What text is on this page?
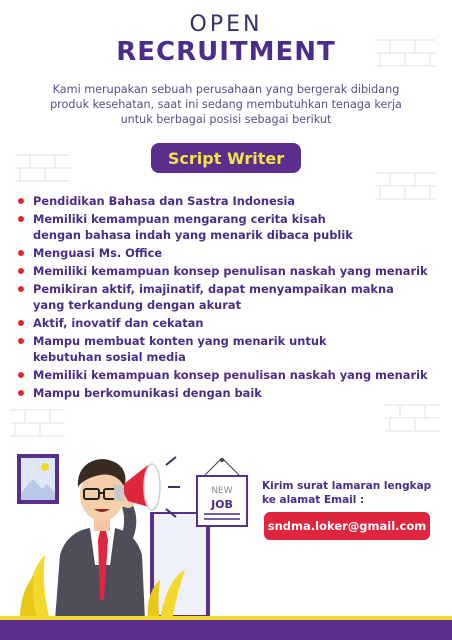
OPEN
RECRUITMENT
Kami merupakan sebuah perusahaan yang bergerak dibidang
produk kesehatan, saat ini sedang membutuhkan tenaga kerja
untuk berbagai posisi sebagai berikut
Script Writer
Pendidikan Bahasa dan Sastra Indonesia
Memiliki kemampuan mengarang cerita kisah
dengan bahasa indah yang menarik dibaca publik
Menguasi Ms. Office
Memiliki kemampuan konsep penulisan naskah yang menarik
Pemikiran aktif, imajinatif, dapat menyampaikan makna
yang terkandung dengan akurat
Aktif, inovatif dan cekatan
Mampu membuat konten yang menarik untuk
kebutuhan sosial media
Memiliki kemampuan konsep penulisan naskah yang menarik
Mampu berkomunikasi dengan baik
NEW
JOB
Kirim surat lamaran lengkap
ke alamat Email :
sndma.loker@gmail.com
